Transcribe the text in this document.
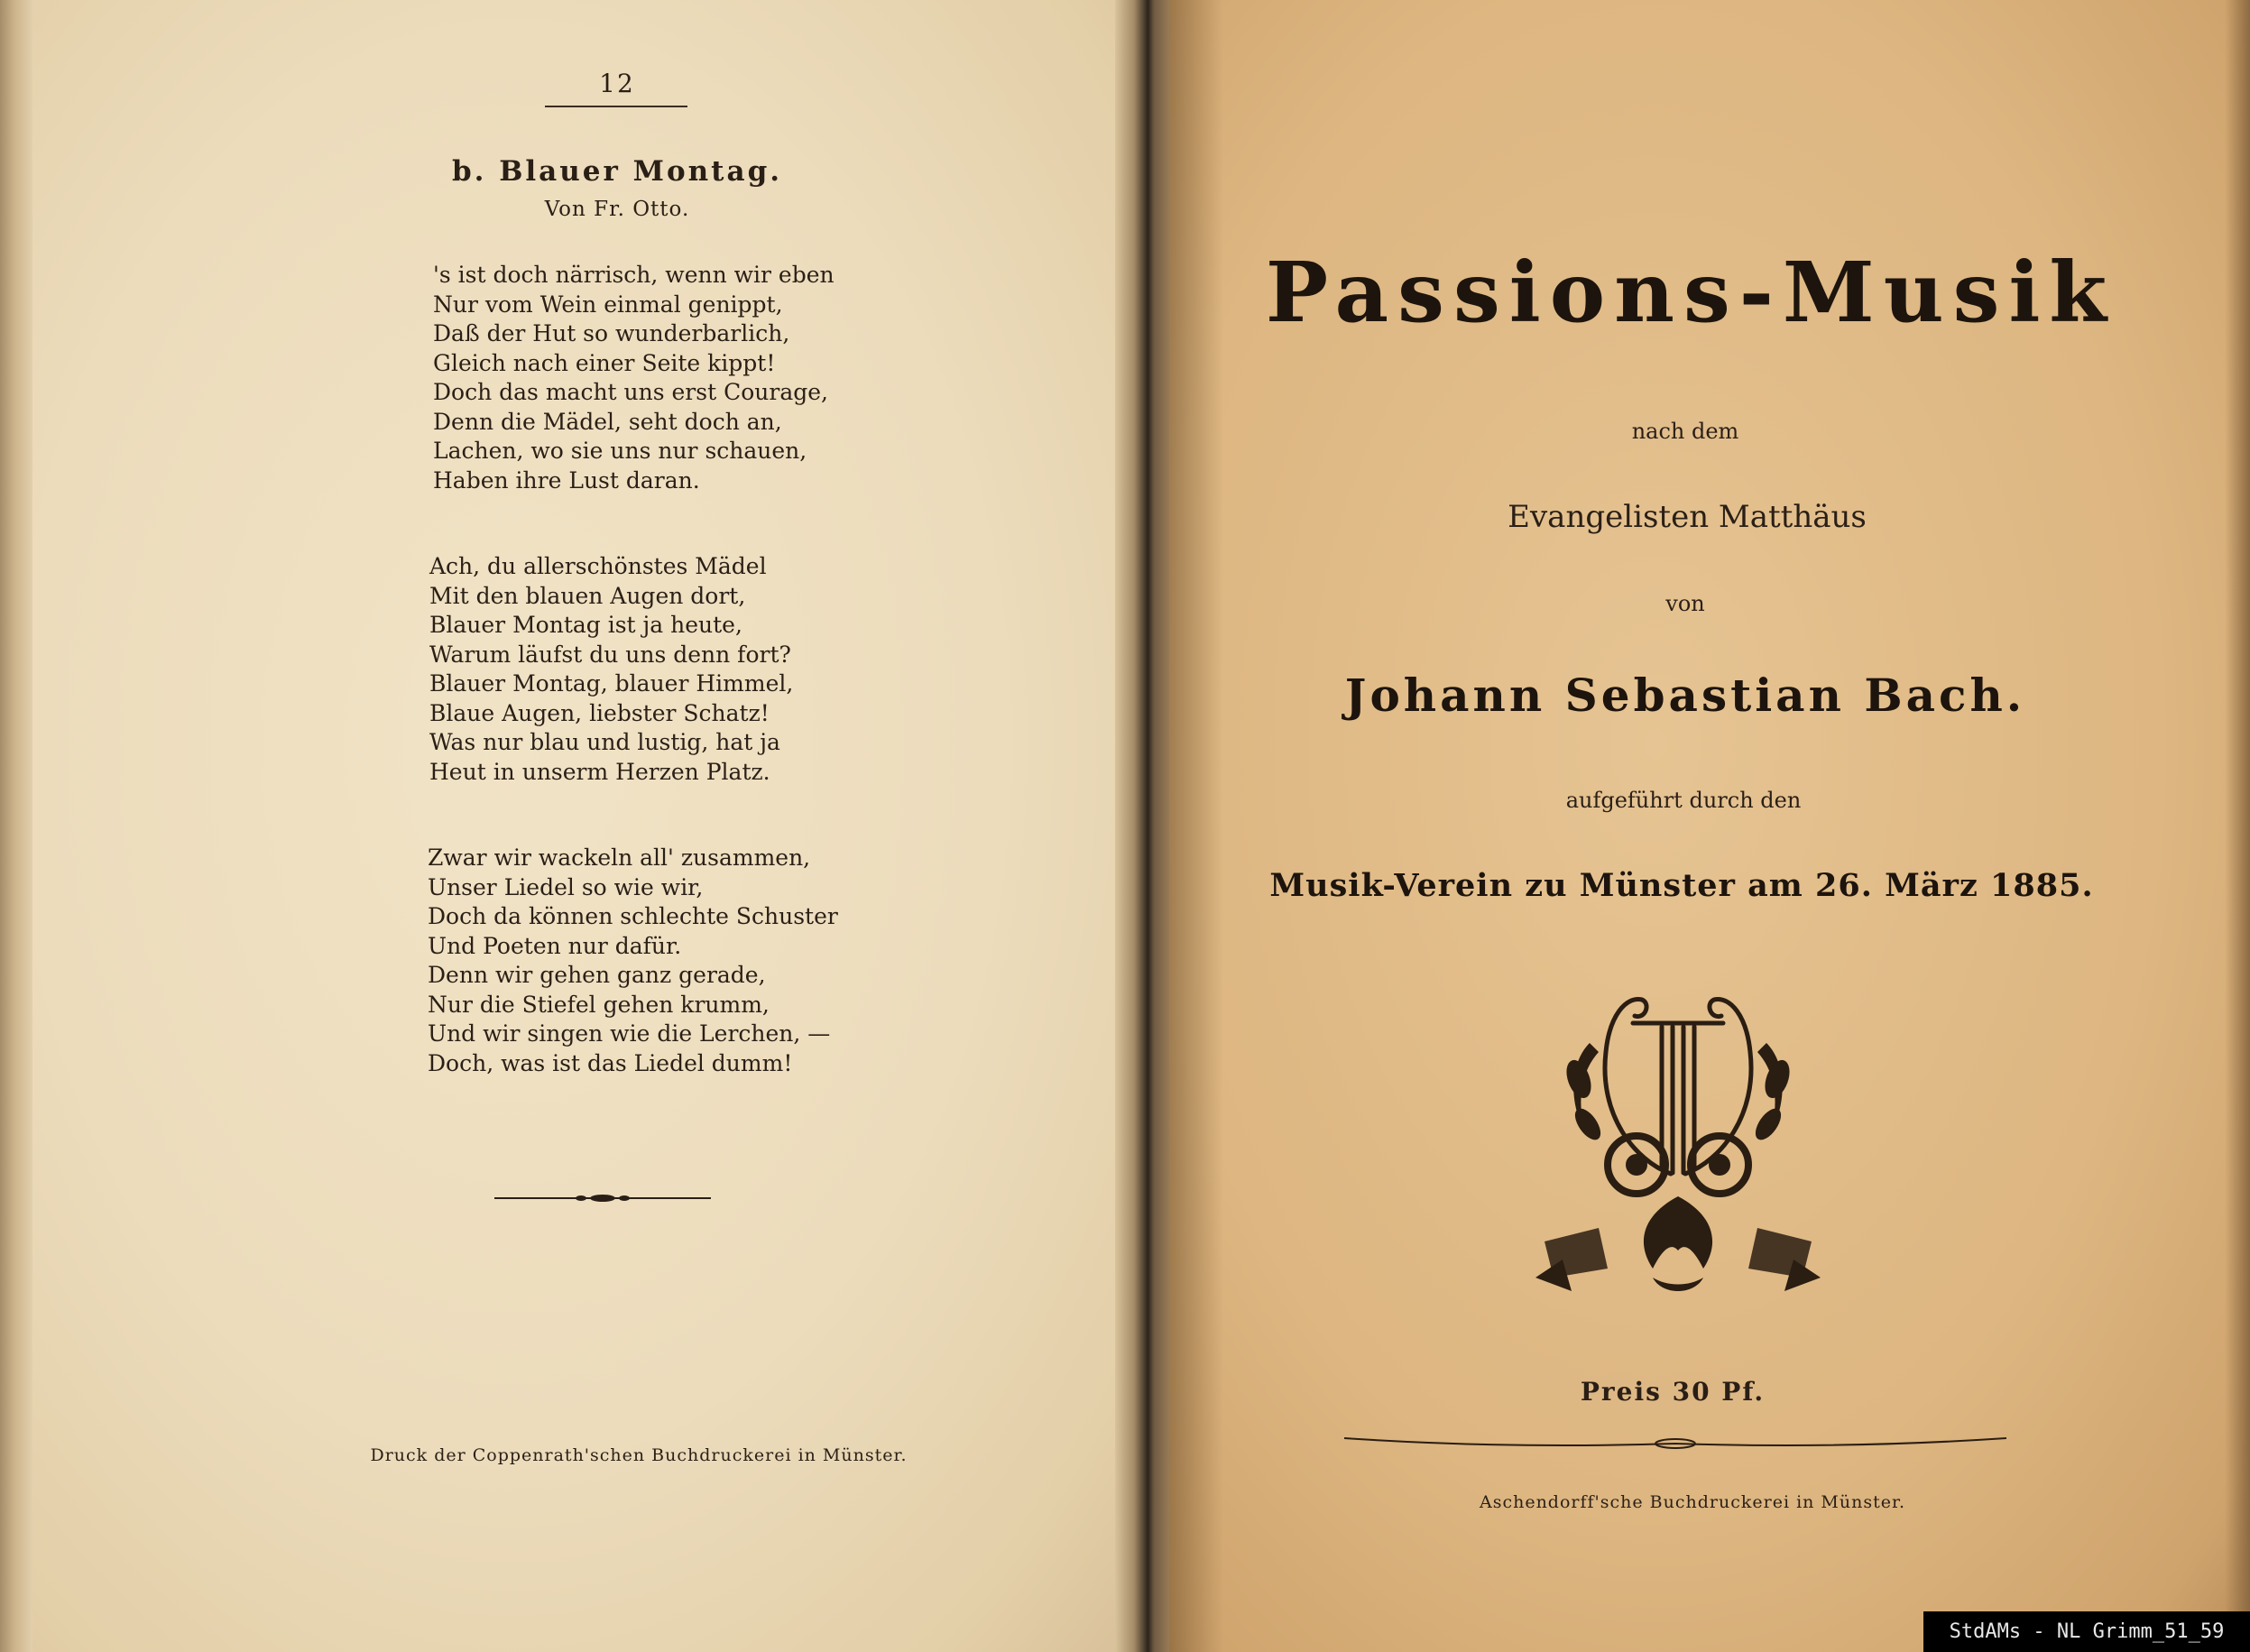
12
b. Blauer Montag.
Von Fr. Otto.
's ist doch närrisch, wenn wir eben
Nur vom Wein einmal genippt,
Daß der Hut so wunderbarlich,
Gleich nach einer Seite kippt!
Doch das macht uns erst Courage,
Denn die Mädel, seht doch an,
Lachen, wo sie uns nur schauen,
Haben ihre Lust daran.
Ach, du allerschönstes Mädel
Mit den blauen Augen dort,
Blauer Montag ist ja heute,
Warum läufst du uns denn fort?
Blauer Montag, blauer Himmel,
Blaue Augen, liebster Schatz!
Was nur blau und lustig, hat ja
Heut in unserm Herzen Platz.
Zwar wir wackeln all' zusammen,
Unser Liedel so wie wir,
Doch da können schlechte Schuster
Und Poeten nur dafür.
Denn wir gehen ganz gerade,
Nur die Stiefel gehen krumm,
Und wir singen wie die Lerchen, —
Doch, was ist das Liedel dumm!
Druck der Coppenrath'schen Buchdruckerei in Münster.
Passions-Musik
nach dem
Evangelisten Matthäus
von
Johann Sebastian Bach.
aufgeführt durch den
Musik-Verein zu Münster am 26. März 1885.
Preis 30 Pf.
Aschendorff'sche Buchdruckerei in Münster.
StdAMs - NL Grimm_51_59
